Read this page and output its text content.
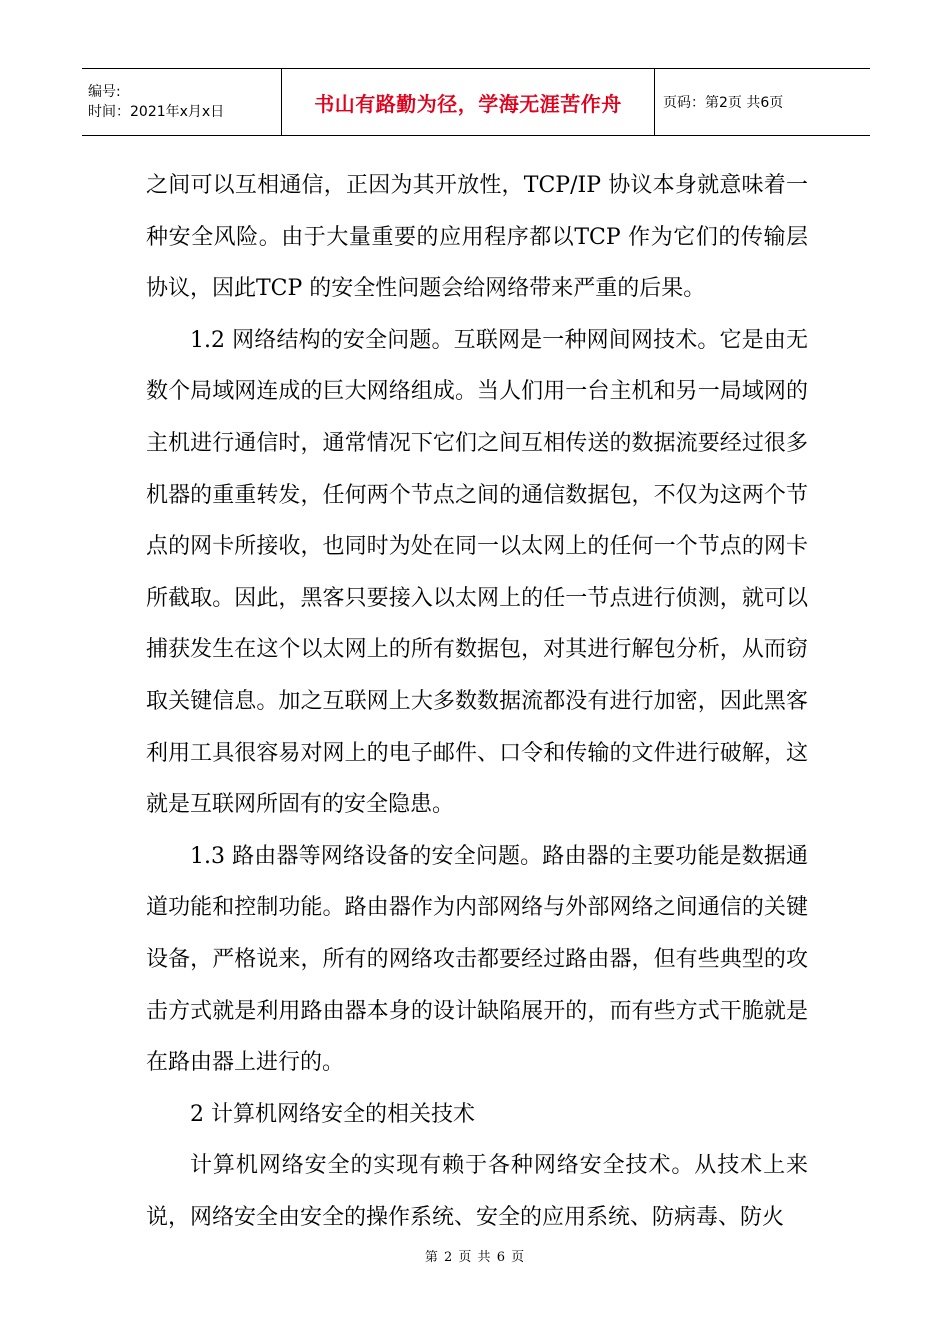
编号:
时间：2021年x月x日	书山有路勤为径，学海无涯苦作舟	页码：第2页 共6页

之间可以互相通信，正因为其开放性，TCP/IP 协议本身就意味着一种安全风险。由于大量重要的应用程序都以TCP 作为它们的传输层协议，因此TCP 的安全性问题会给网络带来严重的后果。

1.2 网络结构的安全问题。互联网是一种网间网技术。它是由无数个局域网连成的巨大网络组成。当人们用一台主机和另一局域网的主机进行通信时，通常情况下它们之间互相传送的数据流要经过很多机器的重重转发，任何两个节点之间的通信数据包，不仅为这两个节点的网卡所接收，也同时为处在同一以太网上的任何一个节点的网卡所截取。因此，黑客只要接入以太网上的任一节点进行侦测，就可以捕获发生在这个以太网上的所有数据包，对其进行解包分析，从而窃取关键信息。加之互联网上大多数数据流都没有进行加密，因此黑客利用工具很容易对网上的电子邮件、口令和传输的文件进行破解，这就是互联网所固有的安全隐患。

1.3 路由器等网络设备的安全问题。路由器的主要功能是数据通道功能和控制功能。路由器作为内部网络与外部网络之间通信的关键设备，严格说来，所有的网络攻击都要经过路由器，但有些典型的攻击方式就是利用路由器本身的设计缺陷展开的，而有些方式干脆就是在路由器上进行的。

2 计算机网络安全的相关技术

计算机网络安全的实现有赖于各种网络安全技术。从技术上来说，网络安全由安全的操作系统、安全的应用系统、防病毒、防火

第 2 页 共 6 页
